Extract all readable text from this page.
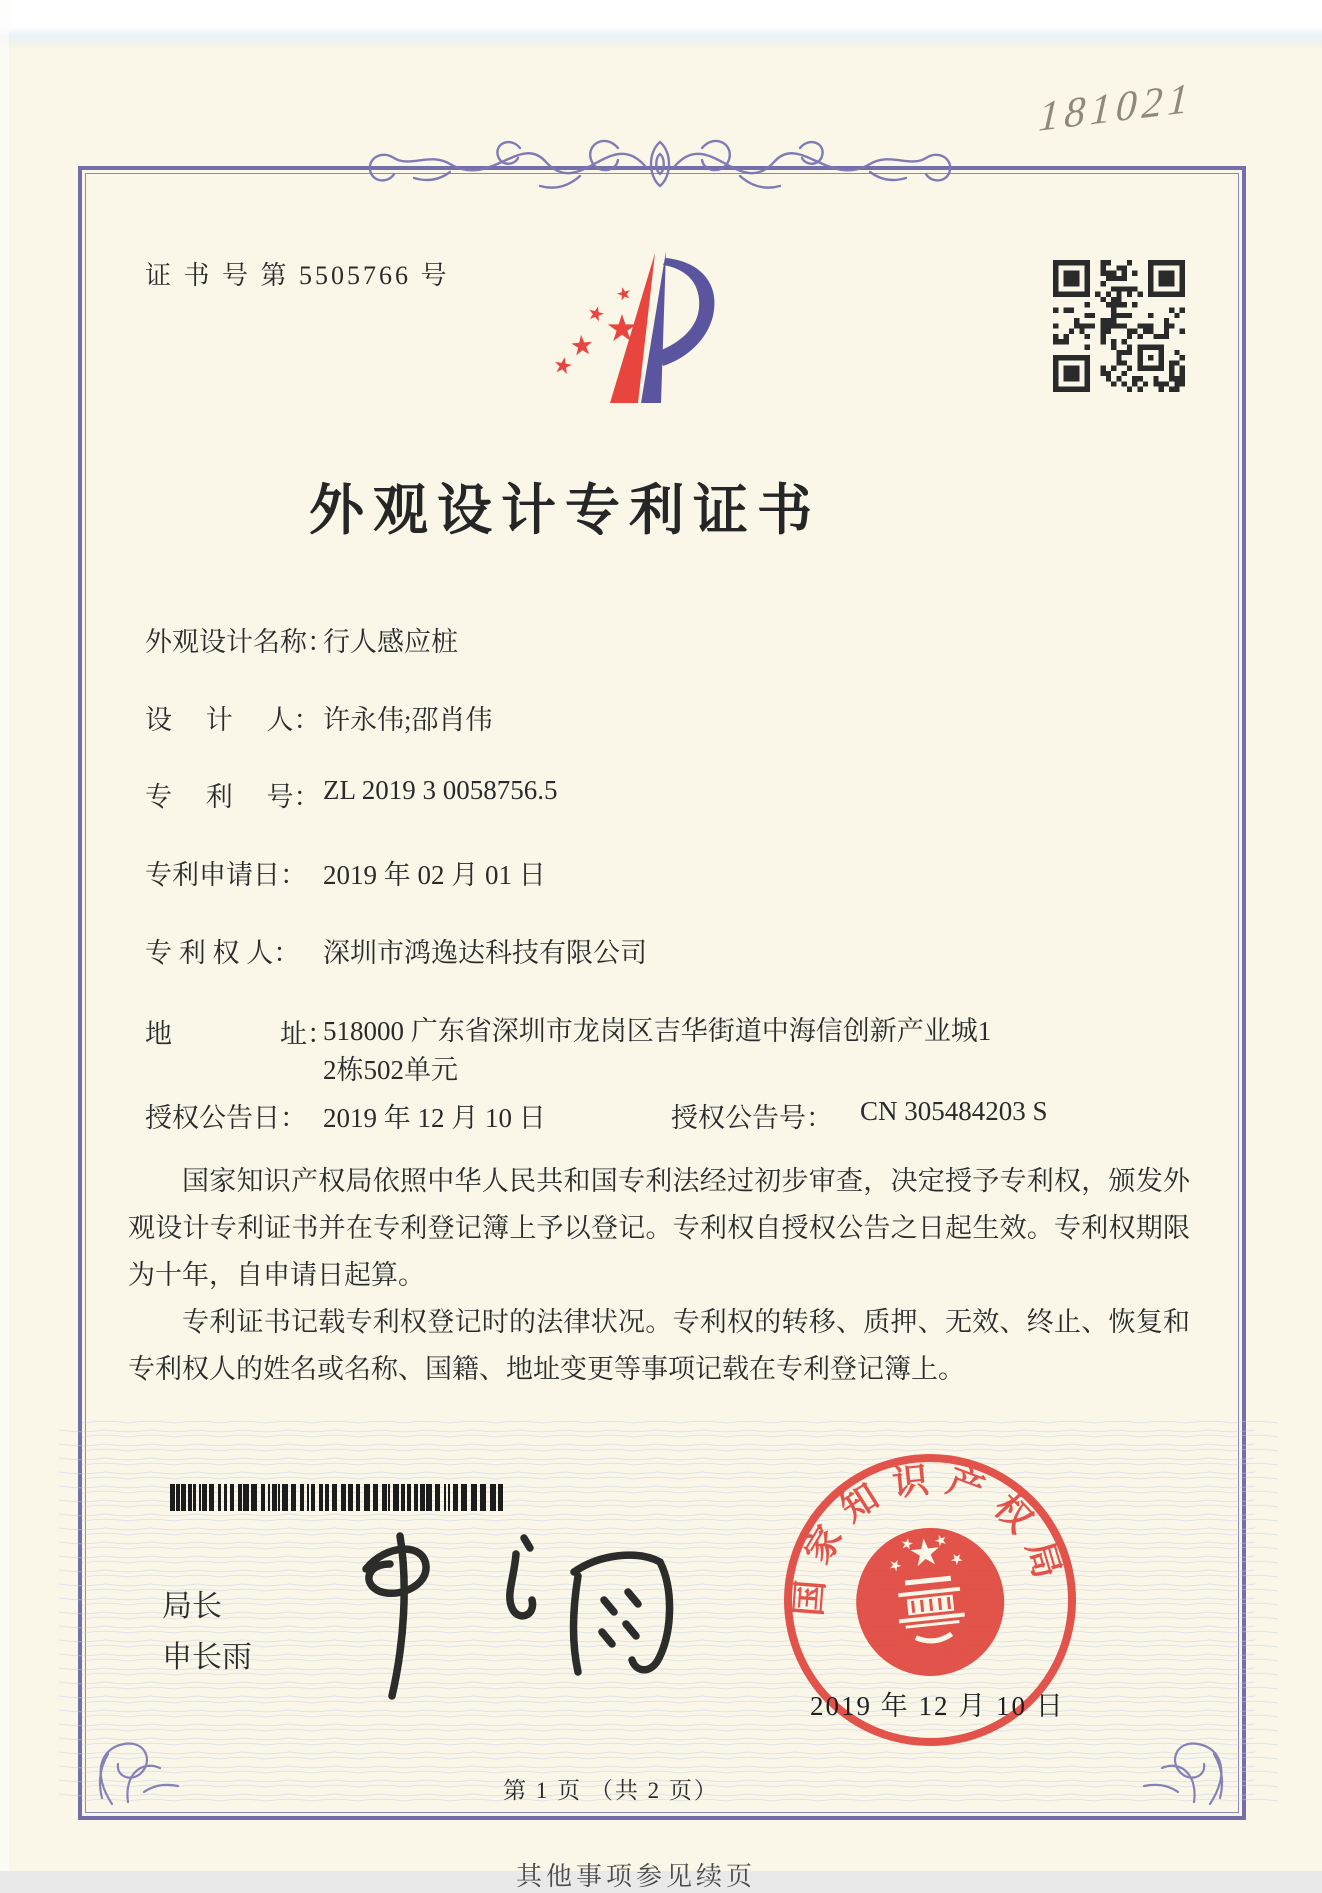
181021
证 书 号 第 5505766 号
外观设计专利证书
外观设计名称：
行人感应桩
设　 计　 人： 许永伟;邵肖伟
专　 利　 号： ZL 2019 3 0058756.5
专利申请日： 2019 年 02 月 01 日
专 利 权 人： 深圳市鸿逸达科技有限公司
地　　　　址：
518000 广东省深圳市龙岗区吉华街道中海信创新产业城1
2栋502单元
授权公告日： 2019 年 12 月 10 日	授权公告号： CN 305484203 S

国家知识产权局依照中华人民共和国专利法经过初步审查，决定授予专利权，颁发外观设计专利证书并在专利登记簿上予以登记。专利权自授权公告之日起生效。专利权期限为十年，自申请日起算。

专利证书记载专利权登记时的法律状况。专利权的转移、质押、无效、终止、恢复和专利权人的姓名或名称、国籍、地址变更等事项记载在专利登记簿上。

局长
申长雨
国家知识产权局
2019 年 12 月 10 日
第 1 页 （共 2 页）
其他事项参见续页
